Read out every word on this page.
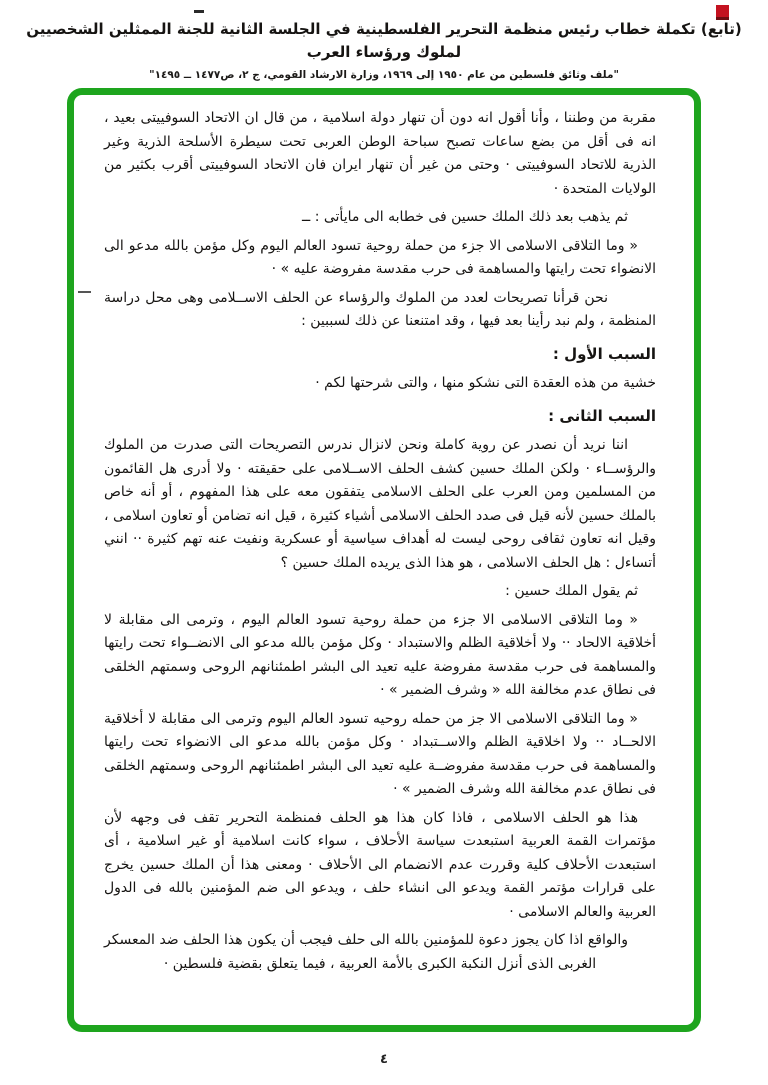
(تابع) تكملة خطاب رئيس منظمة التحرير الفلسطينية في الجلسة الثانية للجنة الممثلين الشخصيين لملوك ورؤساء العرب
"ملف وثائق فلسطين من عام ١٩٥٠ إلى ١٩٦٩، وزارة الارشاد القومي، ج ٢، ص١٤٧٧ ــ ١٤٩٥"

مقربة من وطننا ، وأنا أقول انه دون أن تنهار دولة اسلامية ، من قال ان الاتحاد السوفييتى بعيد ، انه فى أقل من بضع ساعات تصبح سباحة الوطن العربى تحت سيطرة الأسلحة الذرية وغير الذرية للاتحاد السوفييتى · وحتى من غير أن تنهار ايران فان الاتحاد السوفييتى أقرب بكثير من الولايات المتحدة ·

ثم يذهب بعد ذلك الملك حسين فى خطابه الى مايأتى : ــ

« وما التلاقى الاسلامى الا جزء من حملة روحية تسود العالم اليوم وكل مؤمن بالله مدعو الى الانضواء تحت رايتها والمساهمة فى حرب مقدسة مفروضة عليه » ·

نحن قرأنا تصريحات لعدد من الملوك والرؤساء عن الحلف الاســلامى وهى محل دراسة المنظمة ، ولم نبد رأينا بعد فيها ، وقد امتنعنا عن ذلك لسببين :

السبب الأول :

خشية من هذه العقدة التى نشكو منها ، والتى شرحتها لكم ·

السبب الثانى :

اننا نريد أن نصدر عن روية كاملة ونحن لانزال ندرس التصريحات التى صدرت من الملوك والرؤســاء · ولكن الملك حسين كشف الحلف الاســلامى على حقيقته · ولا أدرى هل القائمون من المسلمين ومن العرب على الحلف الاسلامى يتفقون معه على هذا المفهوم ، أو أنه خاص بالملك حسين لأنه قيل فى صدد الحلف الاسلامى أشياء كثيرة ، قيل انه تضامن أو تعاون اسلامى ، وقيل انه تعاون ثقافى روحى ليست له أهداف سياسية أو عسكرية ونفيت عنه تهم كثيرة ·· انني أتساءل : هل الحلف الاسلامى ، هو هذا الذى يريده الملك حسين ؟

ثم يقول الملك حسين :

« وما التلاقى الاسلامى الا جزء من حملة روحية تسود العالم اليوم ، وترمى الى مقابلة لا أخلاقية الالحاد ·· ولا أخلاقية الظلم والاستبداد · وكل مؤمن بالله مدعو الى الانضــواء تحت رايتها والمساهمة فى حرب مقدسة مفروضة عليه تعيد الى البشر اطمئنانهم الروحى وسمتهم الخلقى فى نطاق عدم مخالفة الله « وشرف الضمير » ·

« وما التلاقى الاسلامى الا جز من حمله روحيه تسود العالم اليوم وترمى الى مقابلة لا أخلاقية الالحــاد ·· ولا اخلاقية الظلم والاســتبداد · وكل مؤمن بالله مدعو الى الانضواء تحت رايتها والمساهمة فى حرب مقدسة مفروضــة عليه تعيد الى البشر اطمئنانهم الروحى وسمتهم الخلقى فى نطاق عدم مخالفة الله وشرف الضمير » ·

هذا هو الحلف الاسلامى ، فاذا كان هذا هو الحلف فمنظمة التحرير تقف فى وجهه لأن مؤتمرات القمة العربية استبعدت سياسة الأحلاف ، سواء كانت اسلامية أو غير اسلامية ، أى استبعدت الأحلاف كلية وقررت عدم الانضمام الى الأحلاف · ومعنى هذا أن الملك حسين يخرج على قرارات مؤتمر القمة ويدعو الى انشاء حلف ، ويدعو الى ضم المؤمنين بالله فى الدول العربية والعالم الاسلامى ·

والواقع اذا كان يجوز دعوة للمؤمنين بالله الى حلف فيجب أن يكون هذا الحلف ضد المعسكر الغربى الذى أنزل النكبة الكبرى بالأمة العربية ، فيما يتعلق بقضية فلسطين ·

٤
